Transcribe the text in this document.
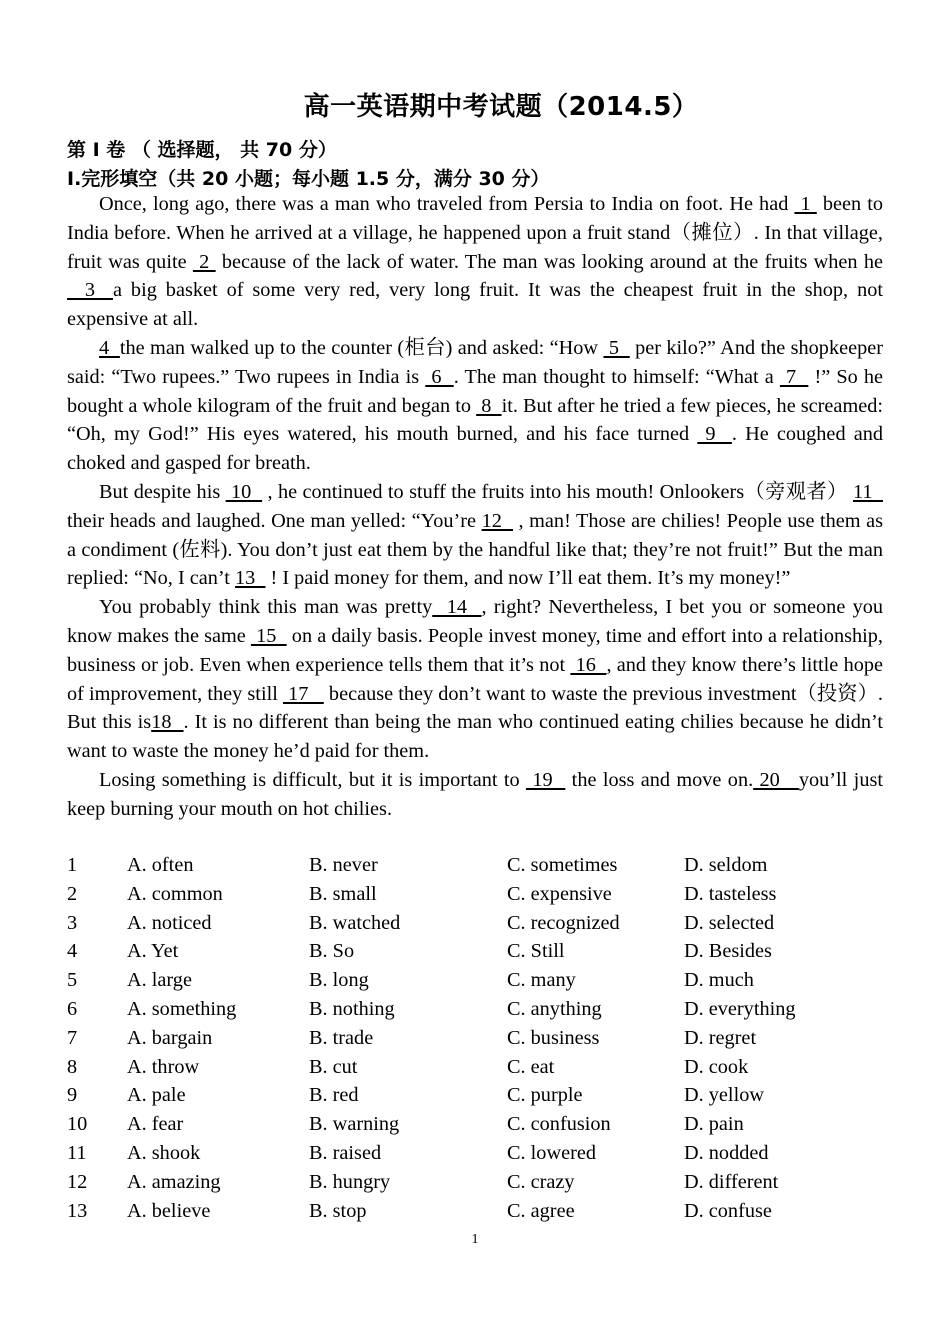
高一英语期中考试题（2014.5）
第 I 卷 （ 选择题， 共 70 分）
I.完形填空（共 20 小题；每小题 1.5 分，满分 30 分）

Once, long ago, there was a man who traveled from Persia to India on foot. He had  1  been to India before. When he arrived at a village, he happened upon a fruit stand（摊位）. In that village, fruit was quite  2  because of the lack of water. The man was looking around at the fruits when he  3  a big basket of some very red, very long fruit. It was the cheapest fruit in the shop, not expensive at all.

4  the man walked up to the counter (柜台) and asked: “How  5   per kilo?” And the shopkeeper said: “Two rupees.” Two rupees in India is  6  . The man thought to himself: “What a  7   !” So he bought a whole kilogram of the fruit and began to  8  it. But after he tried a few pieces, he screamed: “Oh, my God!” His eyes watered, his mouth burned, and his face turned  9  . He coughed and choked and gasped for breath.

But despite his  10   , he continued to stuff the fruits into his mouth! Onlookers（旁观者） 11   their heads and laughed. One man yelled: “You’re 12   , man! Those are chilies! People use them as a condiment (佐料). You don’t just eat them by the handful like that; they’re not fruit!” But the man replied: “No, I can’t 13   ! I paid money for them, and now I’ll eat them. It’s my money!”

You probably think this man was pretty  14  , right? Nevertheless, I bet you or someone you know makes the same  15   on a daily basis. People invest money, time and effort into a relationship, business or job. Even when experience tells them that it’s not  16  , and they know there’s little hope of improvement, they still  17    because they don’t want to waste the previous investment（投资）. But this is18  . It is no different than being the man who continued eating chilies because he didn’t want to waste the money he’d paid for them.

Losing something is difficult, but it is important to  19   the loss and move on. 20   you’ll just keep burning your mouth on hot chilies.

1 A. often	B. never	C. sometimes	D. seldom
2 A. common	B. small	C. expensive	D. tasteless
3 A. noticed	B. watched	C. recognized	D. selected
4 A. Yet	B. So	C. Still	D. Besides
5 A. large	B. long	C. many	D. much
6 A. something	B. nothing	C. anything	D. everything
7 A. bargain	B. trade	C. business	D. regret
8 A. throw	B. cut	C. eat	D. cook
9 A. pale	B. red	C. purple	D. yellow
10 A. fear	B. warning	C. confusion	D. pain
11 A. shook	B. raised	C. lowered	D. nodded
12 A. amazing	B. hungry	C. crazy	D. different
13 A. believe	B. stop	C. agree	D. confuse
1
